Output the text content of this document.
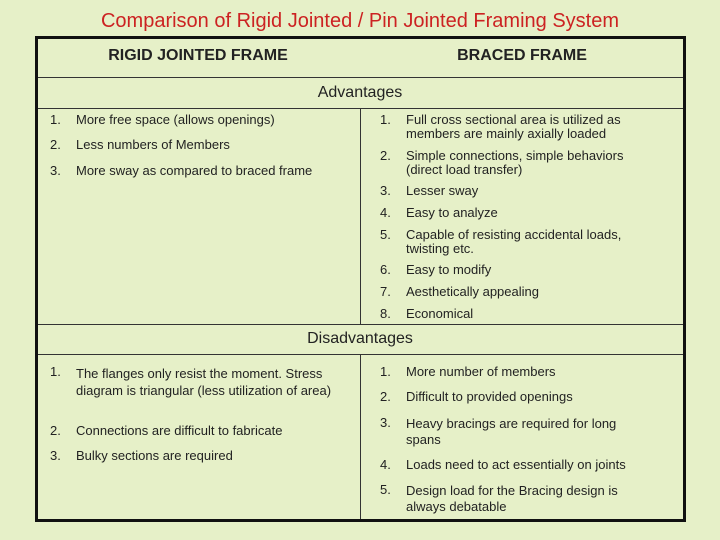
Comparison of Rigid Jointed / Pin Jointed Framing System
RIGID JOINTED FRAME	BRACED FRAME
Advantages
Disadvantages
1. More free space (allows openings)
2. Less numbers of Members
3. More sway as compared to braced frame
1. Full cross sectional area is utilized as members are mainly axially loaded
2. Simple connections, simple behaviors (direct load transfer)
3. Lesser sway
4. Easy to analyze
5. Capable of resisting accidental loads, twisting etc.
6. Easy to modify
7. Aesthetically appealing
8. Economical
1. The flanges only resist the moment. Stress diagram is triangular (less utilization of area)
2. Connections are difficult to fabricate
3. Bulky sections are required
1. More number of members
2. Difficult to provided openings
3. Heavy bracings are required for long spans
4. Loads need to act essentially on joints
5. Design load for the Bracing design is always debatable
